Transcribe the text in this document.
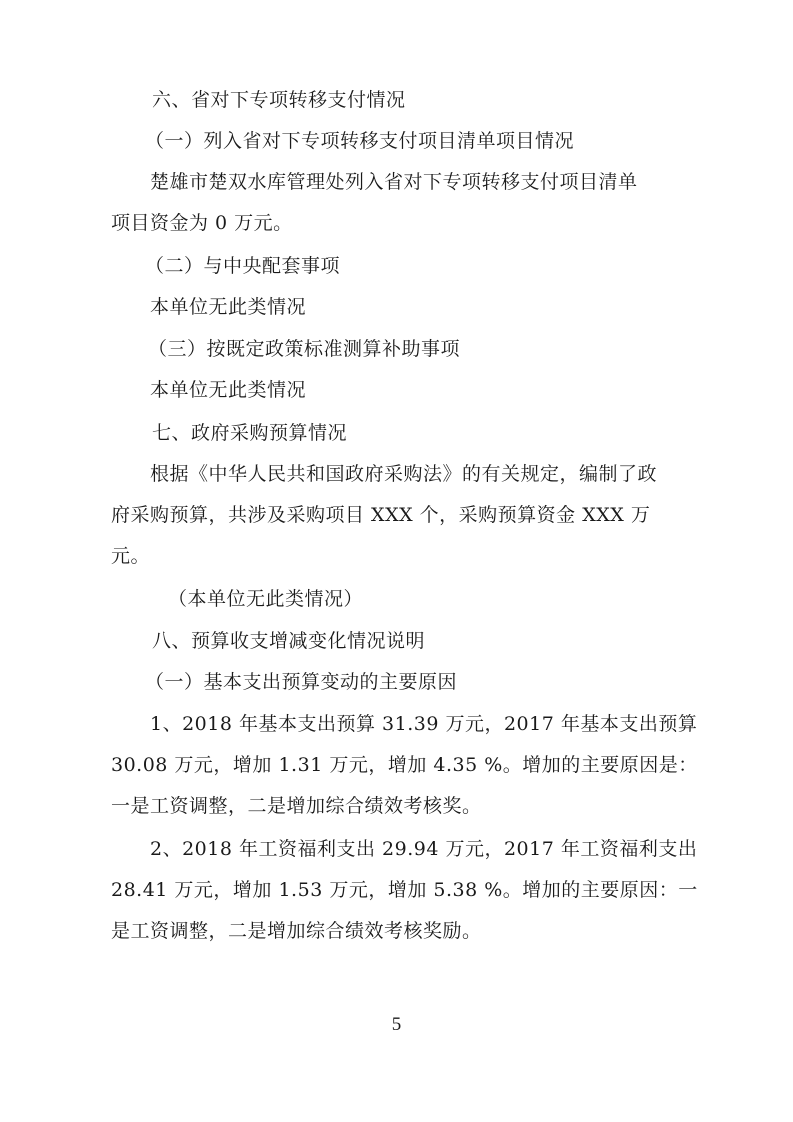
六、省对下专项转移支付情况
（一）列入省对下专项转移支付项目清单项目情况
楚雄市楚双水库管理处列入省对下专项转移支付项目清单
项目资金为 0 万元。
（二）与中央配套事项
本单位无此类情况
（三）按既定政策标准测算补助事项
本单位无此类情况
七、政府采购预算情况
根据《中华人民共和国政府采购法》的有关规定，编制了政
府采购预算，共涉及采购项目 XXX 个，采购预算资金 XXX 万
元。
（本单位无此类情况）
八、预算收支增减变化情况说明
（一）基本支出预算变动的主要原因
1、2018 年基本支出预算 31.39 万元，2017 年基本支出预算
30.08 万元，增加 1.31 万元，增加 4.35 %。增加的主要原因是：
一是工资调整，二是增加综合绩效考核奖。
2、2018 年工资福利支出 29.94 万元，2017 年工资福利支出
28.41 万元，增加 1.53 万元，增加 5.38 %。增加的主要原因：一
是工资调整，二是增加综合绩效考核奖励。
5
